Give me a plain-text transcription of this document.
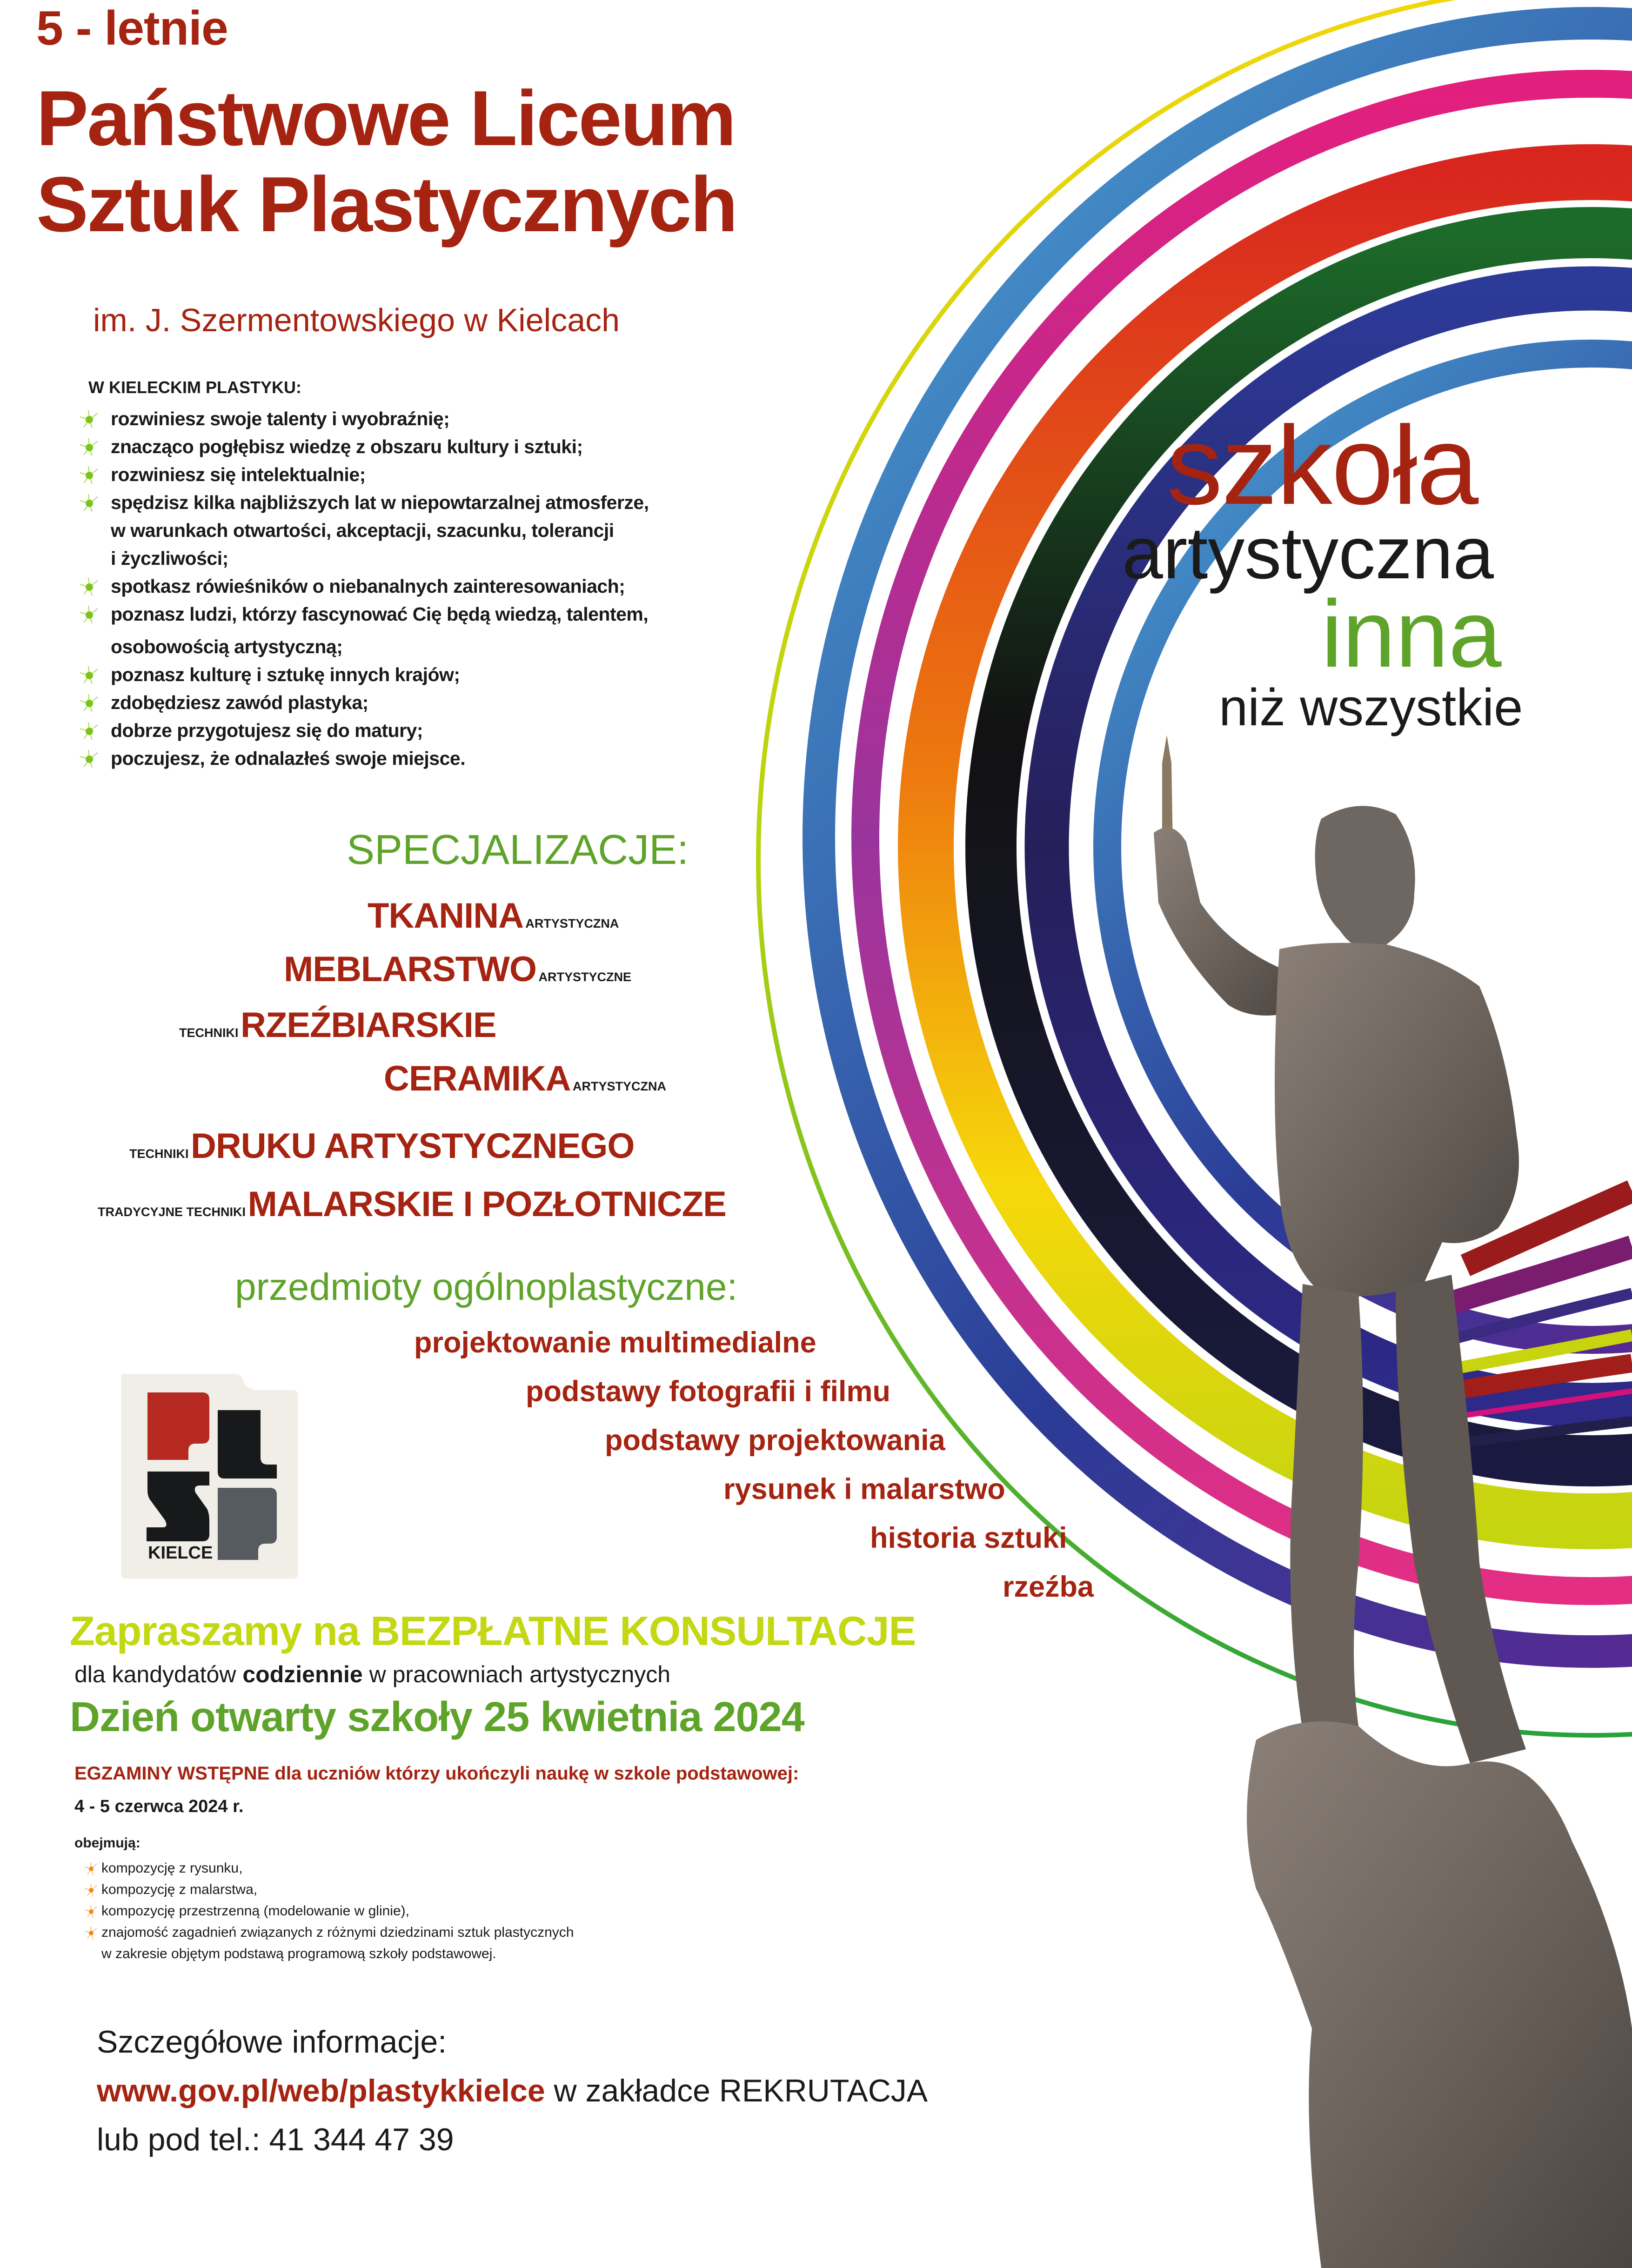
5 - letnie
Państwowe Liceum
Sztuk Plastycznych
im. J. Szermentowskiego w Kielcach
W KIELECKIM PLASTYKU:
rozwiniesz swoje talenty i wyobraźnię;
znacząco pogłębisz wiedzę z obszaru kultury i sztuki;
rozwiniesz się intelektualnie;
spędzisz kilka najbliższych lat w niepowtarzalnej atmosferze,
w warunkach otwartości, akceptacji, szacunku, tolerancji
i życzliwości;
spotkasz rówieśników o niebanalnych zainteresowaniach;
poznasz ludzi, którzy fascynować Cię będą wiedzą, talentem,
osobowością artystyczną;
poznasz kulturę i sztukę innych krajów;
zdobędziesz zawód plastyka;
dobrze przygotujesz się do matury;
poczujesz, że odnalazłeś swoje miejsce.
SPECJALIZACJE:
TKANINA ARTYSTYCZNA
MEBLARSTWO ARTYSTYCZNE
TECHNIKI RZEŹBIARSKIE
CERAMIKA ARTYSTYCZNA
TECHNIKI DRUKU ARTYSTYCZNEGO
TRADYCYJNE TECHNIKI MALARSKIE I POZŁOTNICZE
przedmioty ogólnoplastyczne:
projektowanie multimedialne
podstawy fotografii i filmu
podstawy projektowania
rysunek i malarstwo
historia sztuki
rzeźba
KIELCE
Zapraszamy na BEZPŁATNE KONSULTACJE
dla kandydatów codziennie w pracowniach artystycznych
Dzień otwarty szkoły 25 kwietnia 2024
EGZAMINY WSTĘPNE dla uczniów którzy ukończyli naukę w szkole podstawowej:
4 - 5 czerwca 2024 r.
obejmują:
kompozycję z rysunku,
kompozycję z malarstwa,
kompozycję przestrzenną (modelowanie w glinie),
znajomość zagadnień związanych z różnymi dziedzinami sztuk plastycznych
w zakresie objętym podstawą programową szkoły podstawowej.
Szczegółowe informacje:
www.gov.pl/web/plastykkielce w zakładce REKRUTACJA
lub pod tel.: 41 344 47 39
szkoła
artystyczna
inna
niż wszystkie
